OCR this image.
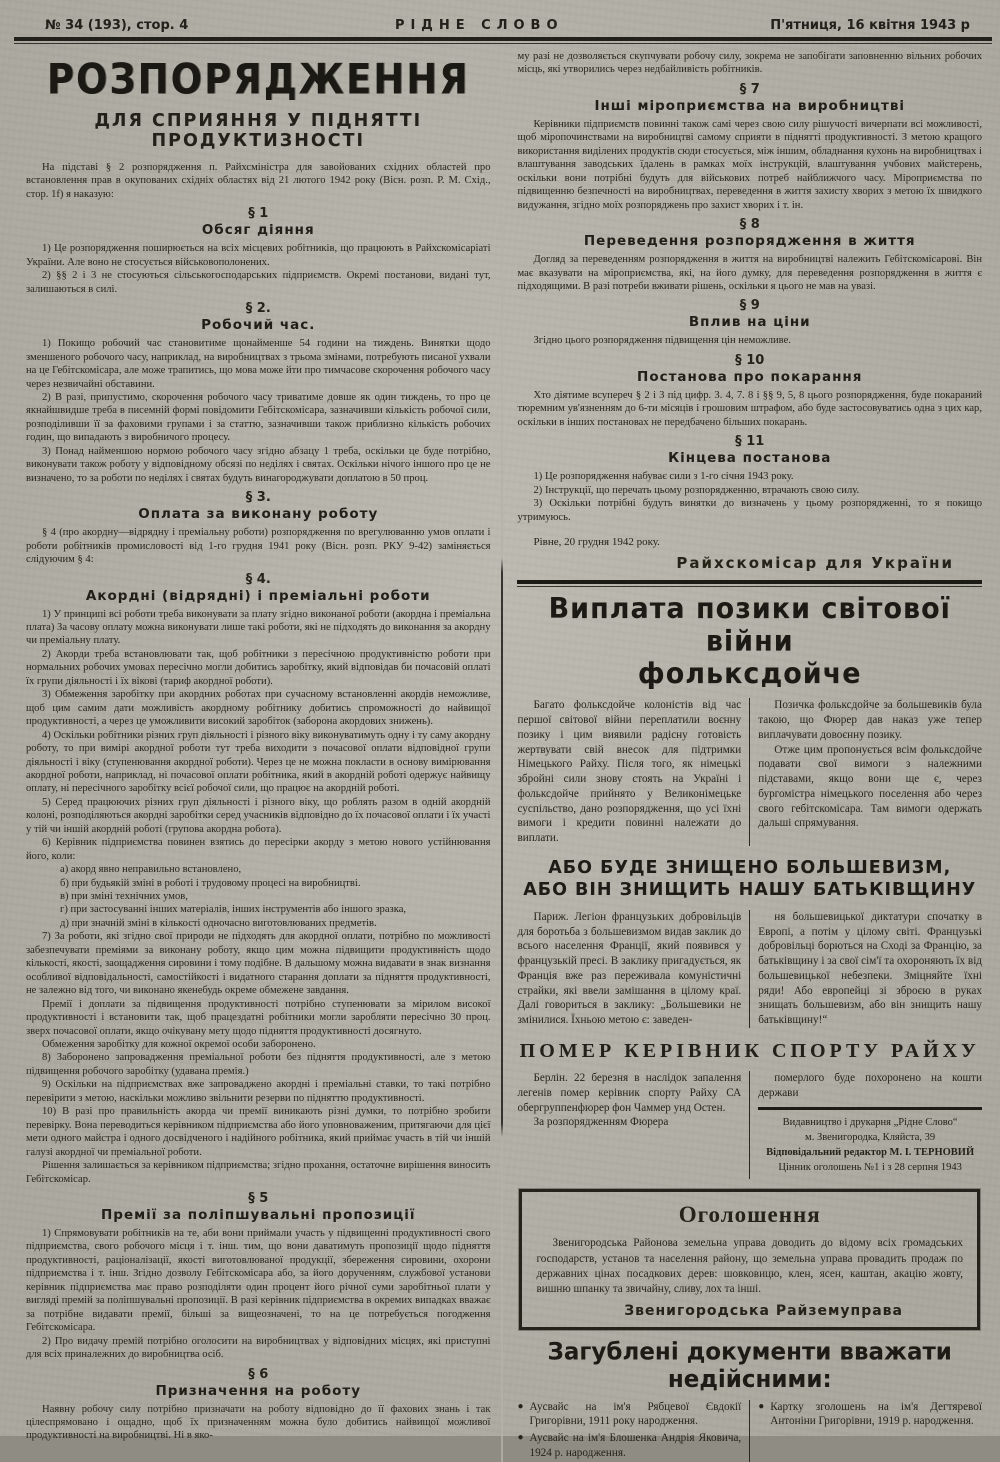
№ 34 (193), стор. 4	РІДНЕ СЛОВО	П'ятниця, 16 квітня 1943 р
РОЗПОРЯДЖЕННЯ
ДЛЯ СПРИЯННЯ У ПІДНЯТТІ ПРОДУКТИЗНОСТІ

На підставі § 2 розпорядження п. Райхсміністра для завойованих східних областей про встановлення прав в окупованих східніх областях від 21 лютого 1942 року (Вісн. розп. Р. М. Схід., стор. 1f) я наказую:

§ 1
Обсяг діяння

1) Це розпорядження поширюється на всіх місцевих робітників, що працюють в Райхскомісаріаті України. Але воно не стосується військовополонених.

2) §§ 2 і 3 не стосуються сільськогосподарських підприємств. Окремі постанови, видані тут, залишаються в силі.

§ 2.
Робочий час.

1) Покищо робочий час становитиме щонайменше 54 години на тиждень. Винятки щодо зменшеного робочого часу, наприклад, на виробництвах з трьома змінами, потребують писаної ухвали на це Гебітскомісара, але може трапитись, що мова може йти про тимчасове скорочення робочого часу через незвичайні обставини.

2) В разі, припустимо, скорочення робочого часу триватиме довше як один тиждень, то про це якнайшвидше треба в писемній формі повідомити Гебітскомісара, зазначивши кількість робочої сили, розподіливши її за фаховими групами і за статтю, зазначивши також приблизно кількість робочих годин, що випадають з виробничого процесу.

3) Понад найменшою нормою робочого часу згідно абзацу 1 треба, оскільки це буде потрібно, виконувати також роботу у відповідному обсязі по неділях і святах. Оскільки нічого іншого про це не визначено, то за роботи по неділях і святах будуть винагороджувати доплатою в 50 проц.

§ 3.
Оплата за виконану роботу

§ 4 (про акордну—відрядну і преміальну роботи) розпорядження по врегулюванню умов оплати і роботи робітників промисловості від 1-го грудня 1941 року (Вісн. розп. РКУ 9-42) заміняється слідуючим § 4:

§ 4.
Акордні (відрядні) і преміальні роботи

1) У принципі всі роботи треба виконувати за плату згідно виконаної роботи (акордна і преміальна плата) За часову оплату можна виконувати лише такі роботи, які не підходять до виконання за акордну чи преміальну плату.

2) Акорди треба встановлювати так, щоб робітники з пересічною продуктивністю роботи при нормальних робочих умовах пересічно могли добитись заробітку, який відповідав би почасовій оплаті їх групи діяльності і їх вікові (тариф акордної роботи).

3) Обмеження заробітку при акордних роботах при сучасному встановленні акордів неможливе, щоб цим самим дати можливість акордному робітнику добитись спроможності до найвищої продуктивності, а через це уможливити високий заробіток (заборона акордових знижень).

4) Оскільки робітники різних груп діяльності і різного віку виконуватимуть одну і ту саму акордну роботу, то при вимірі акордної роботи тут треба виходити з почасової оплати відповідної групи діяльності і віку (ступенювання акордної роботи). Через це не можна покласти в основу вимірювання акордної роботи, наприклад, ні почасової оплати робітника, який в акордній роботі одержує найвищу оплату, ні пересічного заробітку всієї робочої сили, що працює на акордній роботі.

5) Серед працюючих різних груп діяльності і різного віку, що роблять разом в одній акордній колоні, розподіляються акордні заробітки серед учасників відповідно до їх почасової оплати і їх участі у тій чи іншій акордній роботі (групова акордна робота).

6) Керівник підприємства повинен взятись до пересірки акорду з метою нового устійнювання його, коли:

а) акорд явно неправильно встановлено,

б) при будьякій зміні в роботі і трудовому процесі на виробництві.

в) при зміні технічних умов,

г) при застосуванні інших матеріалів, інших інструментів або іншого зразка,

д) при значній зміні в кількості одночасно виготовлюваних предметів.

7) За роботи, які згідно свої природи не підходять для акордної оплати, потрібно по можливості забезпечувати преміями за виконану роботу, якщо цим можна підвищити продуктивність щодо кількості, якості, заощадження сировини і тому подібне. В дальшому можна видавати в знак визнання особливої відповідальності, самостійкості і видатного старання доплати за підняття продуктивності, не залежно від того, чи виконано якенебудь окреме обмежене завдання.

Премії і доплати за підвищення продуктивності потрібно ступенювати за мірилом високої продуктивності і встановити так, щоб працездатні робітники могли заробляти пересічно 30 проц. зверх почасової оплати, якщо очікувану мету щодо підняття продуктивності досягнуто.

Обмеження заробітку для кожної окремої особи заборонено.

8) Заборонено запровадження преміальної роботи без підняття продуктивності, але з метою підвищення робочого заробітку (удавана премія.)

9) Оскільки на підприємствах вже запроваджено акордні і преміальні ставки, то такі потрібно перевірити з метою, наскільки можливо звільнити резерви по підняттю продуктивності.

10) В разі про правильність акорда чи премії виникають різні думки, то потрібно зробити перевірку. Вона переводиться керівником підприємства або його уповноваженим, притягаючи для цієї мети одного майстра і одного досвідченого і надійного робітника, який приймає участь в тій чи іншій галузі акордної чи преміальної роботи.

Рішення залишається за керівником підприємства; згідно прохання, остаточне вирішення виносить Гебітскомісар.

§ 5
Премії за поліпшувальні пропозиції

1) Спрямовувати робітників на те, аби вони приймали участь у підвищенні продуктивності свого підприємства, свого робочого місця і т. інш. тим, що вони даватимуть пропозиції щодо підняття продуктивності, раціоналізації, якості виготовлюваної продукції, збереження сировини, охорони підприємства і т. інш. Згідно дозволу Гебітскомісара або, за його дорученням, службової установи керівник підприємства має право розподіляти один процент його річної суми заробітньої плати у вигляді премій за поліпшувальні пропозиції. В разі керівник підприємства в окремих випадках вважає за потрібне видавати премії, більші за вищеозначені, то на це потребується погодження Гебітскомісара.

2) Про видачу премій потрібно оголосити на виробництвах у відповідних місцях, які приступні для всіх приналежних до виробництва осіб.

§ 6
Призначення на роботу

Наявну робочу силу потрібно призначати на роботу відповідно до її фахових знань і так цілеспрямовано і ощадно, щоб їх призначенням можна було добитись найвищої можливої продуктивності на виробництві. Ні в яко-

му разі не дозволяється скупчувати робочу силу, зокрема не запобігати заповненню вільних робочих місць, які утворились через недбайливість робітників.

§ 7
Інші міроприємства на виробництві

Керівники підприємств повинні також самі через свою силу рішучості вичерпати всі можливості, щоб міропочинствами на виробництві самому сприяти в підняттi продуктивності. З метою кращого використання виділених продуктів сюди стосується, між іншим, обладнання кухонь на виробництвах і влаштування заводських їдалень в рамках моїх інструкцій, влаштування учбових майстерень, оскільки вони потрібні будуть для військових потреб найближчого часу. Міроприємства по підвищенню безпечності на виробництвах, переведення в життя захисту хворих з метою їх швидкого видужання, згідно моїх розпоряджень про захист хворих і т. ін.

§ 8
Переведення розпорядження в життя

Догляд за переведенням розпорядження в життя на виробництві належить Гебітскомісарові. Він має вказувати на міроприємства, які, на його думку, для переведення розпорядження в життя є підходящими. В разі потреби вживати рішень, оскільки я цього не мав на увазі.

§ 9
Вплив на ціни

Згідно цього розпорядження підвищення цін неможливе.

§ 10
Постанова про покарання

Хто діятиме всупереч § 2 і 3 під цифр. 3. 4, 7. 8 і §§ 9, 5, 8 цього розпорядження, буде покараний тюремним ув'язненням до 6-ти місяців і грошовим штрафом, або буде застосовуватись одна з цих кар, оскільки в інших постановах не передбачено більших покарань.

§ 11
Кінцева постанова

1) Це розпорядження набуває сили з 1-го січня 1943 року.

2) Інструкції, що перечать цьому розпорядженню, втрачають свою силу.

3) Оскільки потрібні будуть винятки до визначень у цьому розпорядженні, то я покищо утримуюсь.

Рівне, 20 грудня 1942 року.

Райхскомісар для України
Виплата позики світової війни
фольксдойче

Багато фольксдойче колоністів від час першої світової війни переплатили воєнну позику і цим виявили радісну готовість жертвувати свій внесок для підтримки Німецького Райху. Після того, як німецькі збройні сили знову стоять на Україні і фольксдойче прийнято у Великонімецьке суспільство, дано розпорядження, що усі їхні вимоги і кредити повинні належати до виплати.

Позичка фольксдойче за большевиків була такою, що Фюрер дав наказ уже тепер виплачувати довоєнну позику.

Отже цим пропонується всім фольксдойче подавати свої вимоги з належними підставами, якщо вони ще є, через бургомістра німецького поселення або через свого гебітскомісара. Там вимоги одержать дальші спрямування.

АБО БУДЕ ЗНИЩЕНО БОЛЬШЕВИЗМ,
АБО ВІН ЗНИЩИТЬ НАШУ БАТЬКІВЩИНУ

Париж. Легіон французьких добровільців для боротьба з большевизмом видав заклик до всього населення Франції, який появився у французькій пресі. В заклику пригадується, як Франція вже раз переживала комуністичні страйки, які ввели замішання в цілому краї. Далі говориться в заклику: „Большевики не змінилися. Їхньою метою є: заведен-

ня большевицької диктатури спочатку в Европі, а потім у цілому світі. Французькі добровільці борються на Сході за Францію, за батьківщину і за свої сім'ї та охороняють їх від большевицької небезпеки. Зміцняйте їхні ряди! Або европейці зі зброєю в руках знищать большевизм, або він знищить нашу батьківщину!“

ПОМЕР КЕРІВНИК СПОРТУ РАЙХУ

Берлін. 22 березня в наслідок запалення легенів помер керівник спорту Райху СА обергруппенфюрер фон Чаммер унд Остен.

За розпорядженням Фюрера

померлого буде похоронено на кошти держави

Видавництво і друкарня „Рідне Слово“
м. Звенигородка, Кляйста, 39
Відповідальний редактор М. І. ТЕРНОВИЙ
Цінник оголошень №1 і з 28 серпня 1943
Оголошення

Звенигородська Районова земельна управа доводить до відому всіх громадських господарств, установ та населення району, що земельна управа провадить продаж по державних цінах посадкових дерев: шовковицю, клен, ясен, каштан, акацію жовту, вишню шпанку та звичайну, сливу, лох та інші.

Звенигородська Райземуправа
Загублені документи вважати недійсними:
● Аусвайс на ім'я Рябцевої Євдокії Григорівни, 1911 року народження.
● Аусвайс на ім'я Блошенка Андрія Яковича, 1924 р. народження.
● Картку зголошень на ім'я Дегтяревої Антоніни Григорівни, 1919 р. народження.
